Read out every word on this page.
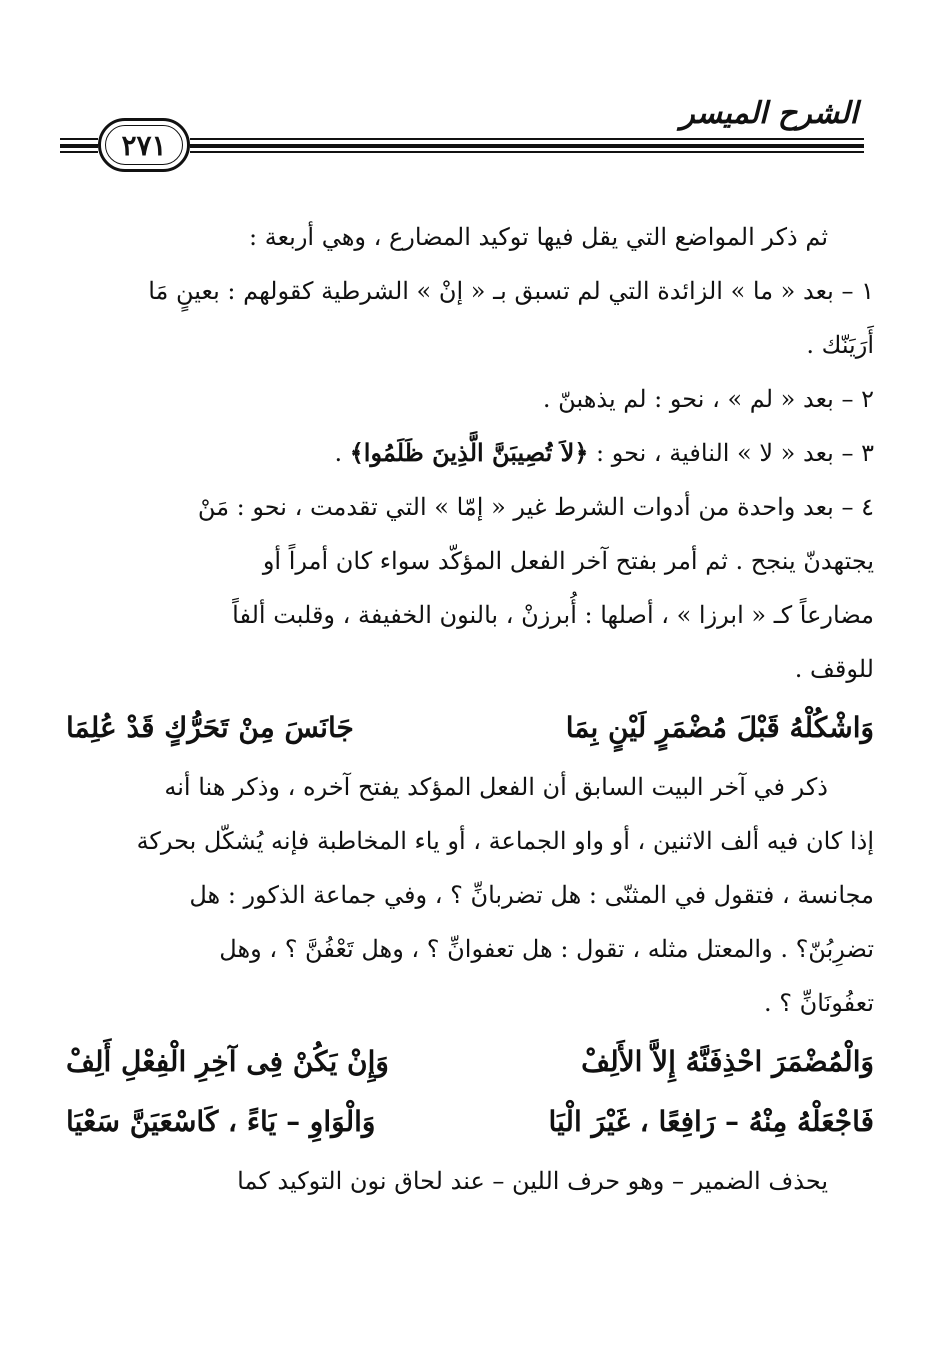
الشرح الميسر
٢٧١

ثم ذكر المواضع التي يقل فيها توكيد المضارع ، وهي أربعة :

١ – بعد « ما » الزائدة التي لم تسبق بـ « إنْ » الشرطية كقولهم : بعينٍ مَا
أَرَيَنّك .
٢ – بعد « لم » ، نحو : لم يذهبنّ .
٣ – بعد « لا » النافية ، نحو : ﴿لاَ تُصِيبَنَّ الَّذِينَ ظَلَمُوا﴾ .
٤ – بعد واحدة من أدوات الشرط غير « إمّا » التي تقدمت ، نحو : مَنْ
يجتهدنّ ينجح . ثم أمر بفتح آخر الفعل المؤكّد سواء كان أمراً أو
مضارعاً كـ « ابرزا » ، أصلها : أُبرزنْ ، بالنون الخفيفة ، وقلبت ألفاً
للوقف .
وَاشْكُلْهُ قَبْلَ مُضْمَرٍ لَيْنٍ بِمَا
جَانَسَ مِنْ تَحَرُّكٍ قَدْ عُلِمَا
ذكر في آخر البيت السابق أن الفعل المؤكد يفتح آخره ، وذكر هنا أنه
إذا كان فيه ألف الاثنين ، أو واو الجماعة ، أو ياء المخاطبة فإنه يُشكّل بحركة
مجانسة ، فتقول في المثنّى : هل تضربانِّ ؟ ، وفي جماعة الذكور : هل
تضرِبُنّ؟ . والمعتل مثله ، تقول : هل تعفوانِّ ؟ ، وهل تَعْفُنَّ ؟ ، وهل
تعفُونَانِّ ؟ .
وَالْمُضْمَرَ احْذِفَنَّهُ إِلاَّ الأَلِفْ
وَإِنْ يَكُنْ فِى آخِرِ الْفِعْلِ أَلِفْ
فَاجْعَلْهُ مِنْهُ – رَافِعًا ، غَيْرَ الْيَا
وَالْوَاوِ – يَاءً ، كَاسْعَيَنَّ سَعْيَا

يحذف الضمير – وهو حرف اللين – عند لحاق نون التوكيد كما
